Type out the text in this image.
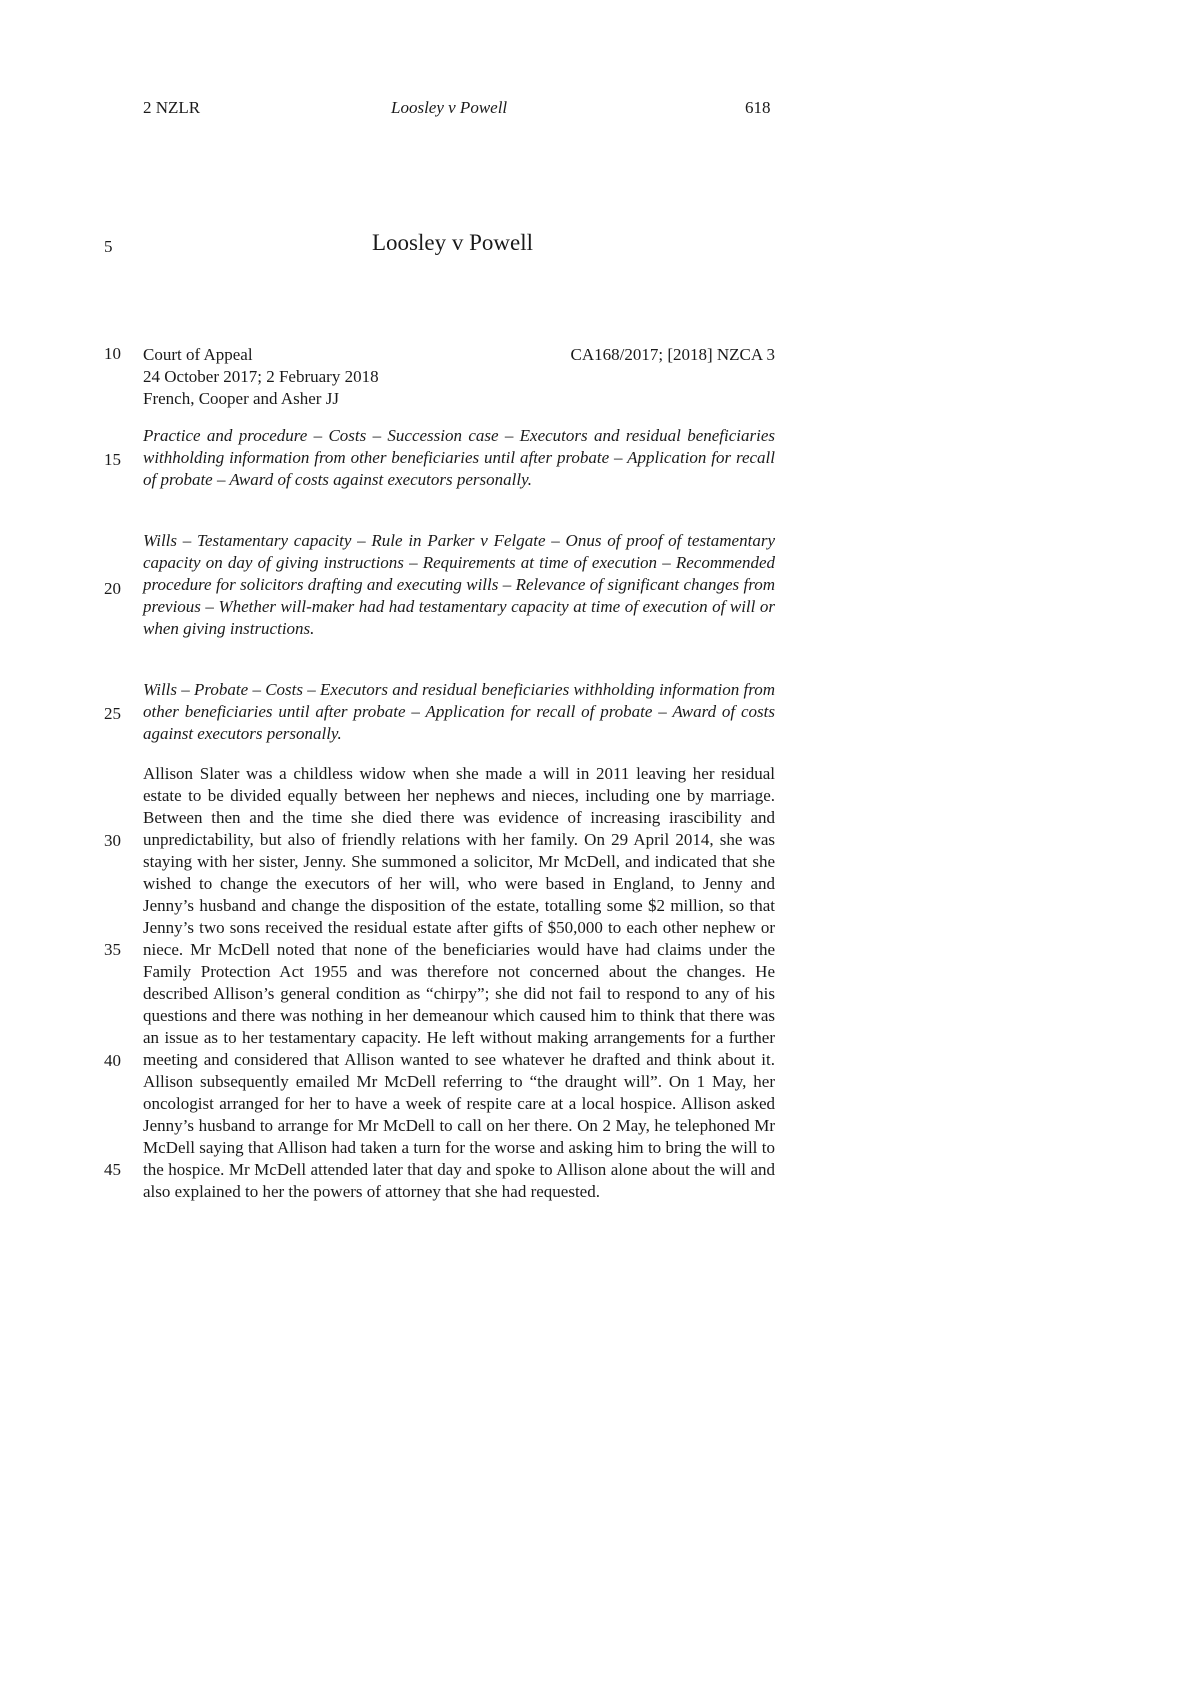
2 NZLR	Loosley v Powell	618
5
10
15
20
25
30
35
40
45
Loosley v Powell
Court of Appeal	CA168/2017; [2018] NZCA 3
24 October 2017; 2 February 2018
French, Cooper and Asher JJ
Practice and procedure – Costs – Succession case – Executors and residual beneficiaries withholding information from other beneficiaries until after probate – Application for recall of probate – Award of costs against executors personally.
Wills – Testamentary capacity – Rule in Parker v Felgate – Onus of proof of testamentary capacity on day of giving instructions – Requirements at time of execution – Recommended procedure for solicitors drafting and executing wills – Relevance of significant changes from previous – Whether will-maker had had testamentary capacity at time of execution of will or when giving instructions.
Wills – Probate – Costs – Executors and residual beneficiaries withholding information from other beneficiaries until after probate – Application for recall of probate – Award of costs against executors personally.
Allison Slater was a childless widow when she made a will in 2011 leaving her residual estate to be divided equally between her nephews and nieces, including one by marriage. Between then and the time she died there was evidence of increasing irascibility and unpredictability, but also of friendly relations with her family. On 29 April 2014, she was staying with her sister, Jenny. She summoned a solicitor, Mr McDell, and indicated that she wished to change the executors of her will, who were based in England, to Jenny and Jenny’s husband and change the disposition of the estate, totalling some $2 million, so that Jenny’s two sons received the residual estate after gifts of $50,000 to each other nephew or niece. Mr McDell noted that none of the beneficiaries would have had claims under the Family Protection Act 1955 and was therefore not concerned about the changes. He described Allison’s general condition as “chirpy”; she did not fail to respond to any of his questions and there was nothing in her demeanour which caused him to think that there was an issue as to her testamentary capacity. He left without making arrangements for a further meeting and considered that Allison wanted to see whatever he drafted and think about it. Allison subsequently emailed Mr McDell referring to “the draught will”. On 1 May, her oncologist arranged for her to have a week of respite care at a local hospice. Allison asked Jenny’s husband to arrange for Mr McDell to call on her there. On 2 May, he telephoned Mr McDell saying that Allison had taken a turn for the worse and asking him to bring the will to the hospice. Mr McDell attended later that day and spoke to Allison alone about the will and also explained to her the powers of attorney that she had requested.
